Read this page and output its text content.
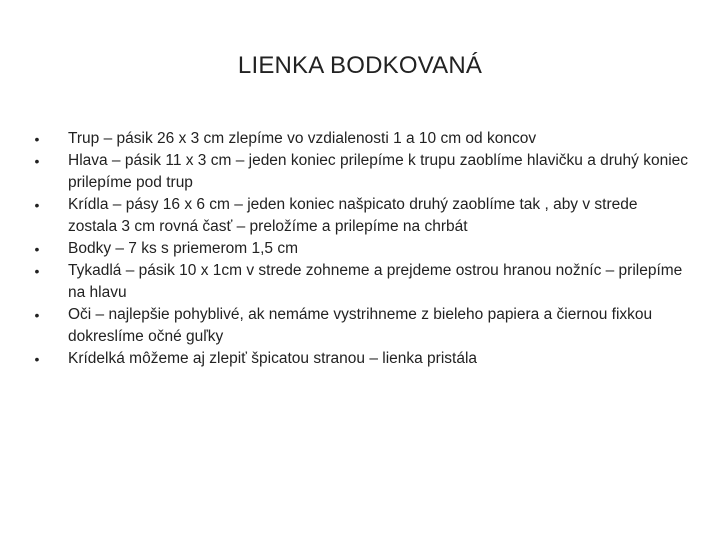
LIENKA BODKOVANÁ
• Trup – pásik 26 x 3 cm zlepíme vo vzdialenosti 1 a 10 cm od koncov
• Hlava – pásik 11 x 3 cm – jeden koniec prilepíme k trupu zaoblíme hlavičku a druhý koniec prilepíme pod trup
• Krídla – pásy 16 x 6 cm – jeden koniec našpicato druhý zaoblíme tak , aby v strede zostala 3 cm rovná časť – preložíme a prilepíme na chrbát
• Bodky – 7 ks s priemerom 1,5 cm
• Tykadlá – pásik 10 x 1cm v strede zohneme a prejdeme ostrou hranou nožníc – prilepíme na hlavu
• Oči – najlepšie pohyblivé, ak nemáme vystrihneme z bieleho papiera a čiernou fixkou dokreslíme očné guľky
• Krídelká môžeme aj zlepiť špicatou stranou – lienka pristála
